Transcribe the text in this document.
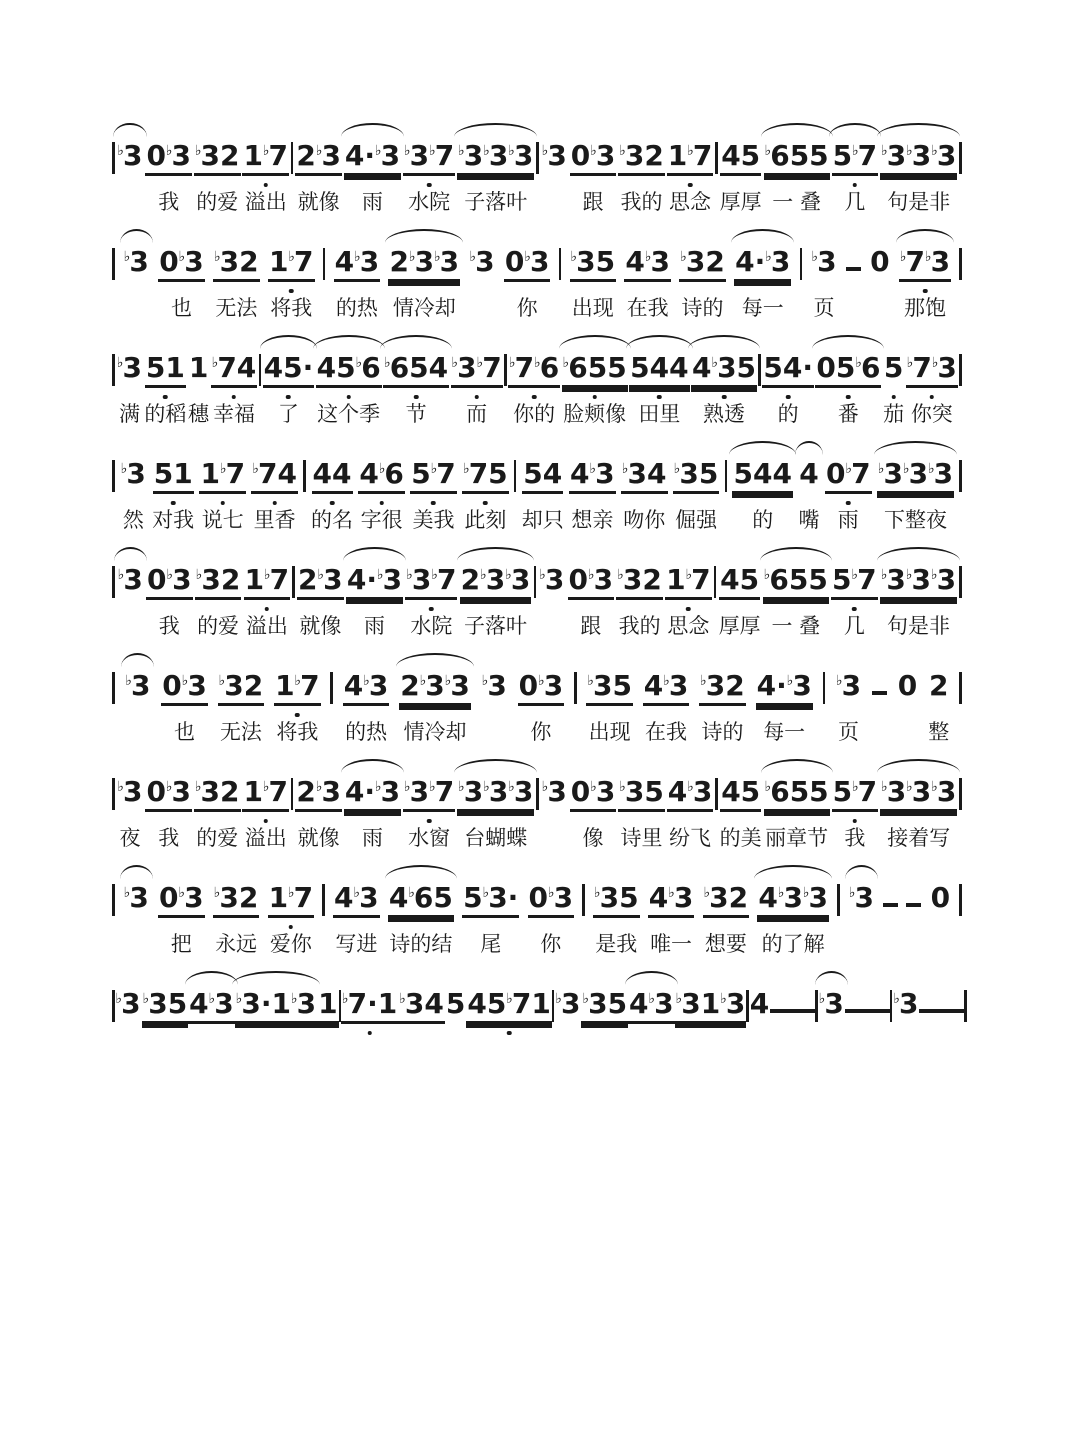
♭3 0♭3
我
♭32
的爱
1♭7
溢出
2♭3
就像
4·♭3
雨
♭3♭7
水院
♭3♭3♭3
子落叶
♭3 0♭3
跟
♭32
我的
1♭7
思念
45
厚厚
♭655
一 叠
5♭7
几
♭3♭3♭3
句是非
♭3 0♭3
也
♭32
无法
1♭7
将我
4♭3
的热
2♭3♭3
情冷却
♭3 0♭3
你
♭35
出现
4♭3
在我
♭32
诗的
4·♭3
每一
♭3
页
0 ♭7♭3
那饱
♭3
满
51
的稻
1
穗
♭74
幸福
45·
了
45♭6
这个季
♭654
节
♭3♭7
而
♭7♭6
你的
♭655
脸颊像
544
田里
4♭35
熟透
54·
的
05♭6
番
5
茄
♭7♭3
你突
♭3
然
51
对我
1♭7
说七
♭74
里香
44
的名
4♭6
字很
5♭7
美我
♭75
此刻
54
却只
4♭3
想亲
♭34
吻你
♭35
倔强
544
的
4
嘴
0♭7
雨
♭3♭3♭3
下整夜
♭3 0♭3
我
♭32
的爱
1♭7
溢出
2♭3
就像
4·♭3
雨
♭3♭7
水院
2♭3♭3
子落叶
♭3 0♭3
跟
♭32
我的
1♭7
思念
45
厚厚
♭655
一 叠
5♭7
几
♭3♭3♭3
句是非
♭3 0♭3
也
♭32
无法
1♭7
将我
4♭3
的热
2♭3♭3
情冷却
♭3 0♭3
你
♭35
出现
4♭3
在我
♭32
诗的
4·♭3
每一
♭3
页
0 2
整
♭3
夜
0♭3
我
♭32
的爱
1♭7
溢出
2♭3
就像
4·♭3
雨
♭3♭7
水窗
♭3♭3♭3
台蝴蝶
♭3 0♭3
像
♭35
诗里
4♭3
纷飞
45
的美
♭655
丽章节
5♭7
我
♭3♭3♭3
接着写
♭3 0♭3
把
♭32
永远
1♭7
爱你
4♭3
写进
4♭65
诗的结
5♭3·
尾
0♭3
你
♭35
是我
4♭3
唯一
♭32
想要
4♭3♭3
的了解
♭3 0
♭3 ♭35 4♭3 ♭3·1♭3 1 ♭7·1 ♭34 5 45♭71 ♭3 ♭35 4♭3 ♭31♭3 4	♭3	♭3
